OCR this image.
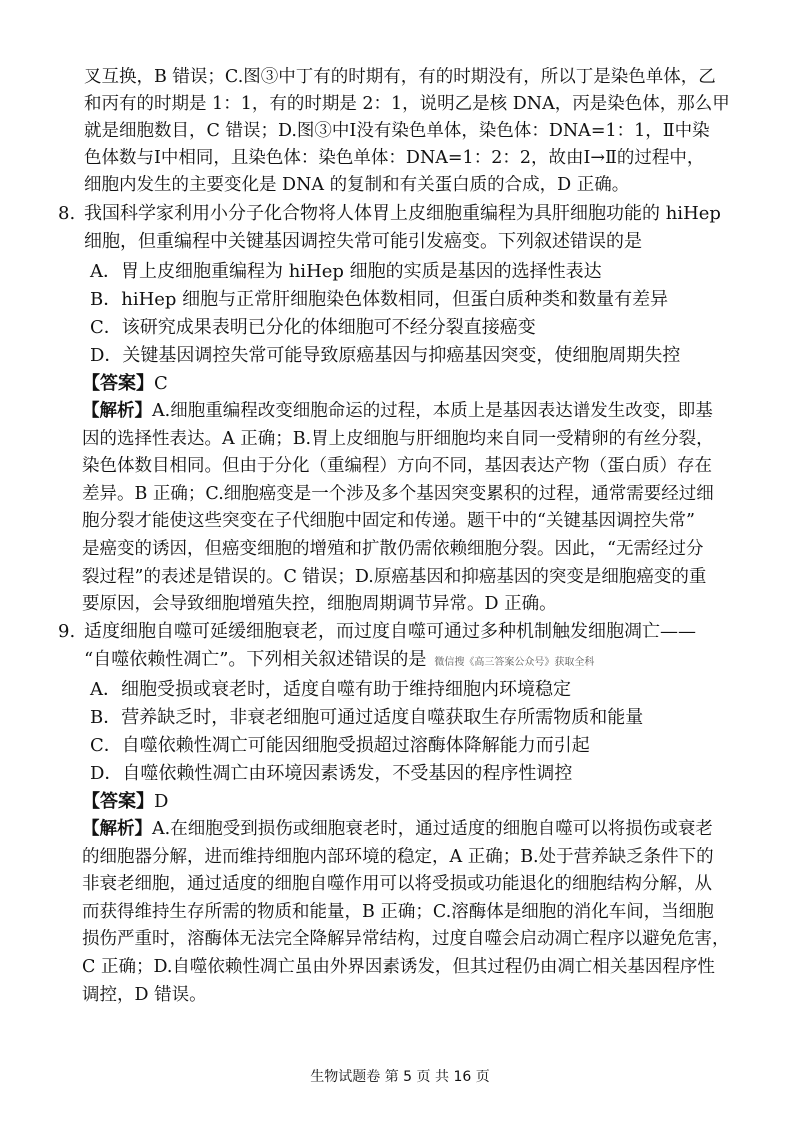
叉互换，B 错误；C.图③中丁有的时期有，有的时期没有，所以丁是染色单体，乙

和丙有的时期是 1：1，有的时期是 2：1，说明乙是核 DNA，丙是染色体，那么甲

就是细胞数目，C 错误；D.图③中Ⅰ没有染色单体，染色体：DNA=1：1，Ⅱ中染

色体数与Ⅰ中相同，且染色体：染色单体：DNA=1：2：2，故由Ⅰ→Ⅱ的过程中，

细胞内发生的主要变化是 DNA 的复制和有关蛋白质的合成，D 正确。

8. 我国科学家利用小分子化合物将人体胃上皮细胞重编程为具肝细胞功能的 hiHep

细胞，但重编程中关键基因调控失常可能引发癌变。下列叙述错误的是

A．胃上皮细胞重编程为 hiHep 细胞的实质是基因的选择性表达

B．hiHep 细胞与正常肝细胞染色体数相同，但蛋白质种类和数量有差异

C．该研究成果表明已分化的体细胞可不经分裂直接癌变

D．关键基因调控失常可能导致原癌基因与抑癌基因突变，使细胞周期失控

【答案】C

【解析】A.细胞重编程改变细胞命运的过程，本质上是基因表达谱发生改变，即基

因的选择性表达。A 正确；B.胃上皮细胞与肝细胞均来自同一受精卵的有丝分裂，

染色体数目相同。但由于分化（重编程）方向不同，基因表达产物（蛋白质）存在

差异。B 正确；C.细胞癌变是一个涉及多个基因突变累积的过程，通常需要经过细

胞分裂才能使这些突变在子代细胞中固定和传递。题干中的“关键基因调控失常”

是癌变的诱因，但癌变细胞的增殖和扩散仍需依赖细胞分裂。因此，“无需经过分

裂过程”的表述是错误的。C 错误；D.原癌基因和抑癌基因的突变是细胞癌变的重

要原因，会导致细胞增殖失控，细胞周期调节异常。D 正确。

9. 适度细胞自噬可延缓细胞衰老，而过度自噬可通过多种机制触发细胞凋亡——

“自噬依赖性凋亡”。下列相关叙述错误的是 微信搜《高三答案公众号》获取全科

A．细胞受损或衰老时，适度自噬有助于维持细胞内环境稳定

B．营养缺乏时，非衰老细胞可通过适度自噬获取生存所需物质和能量

C．自噬依赖性凋亡可能因细胞受损超过溶酶体降解能力而引起

D．自噬依赖性凋亡由环境因素诱发，不受基因的程序性调控

【答案】D

【解析】A.在细胞受到损伤或细胞衰老时，通过适度的细胞自噬可以将损伤或衰老

的细胞器分解，进而维持细胞内部环境的稳定，A 正确；B.处于营养缺乏条件下的

非衰老细胞，通过适度的细胞自噬作用可以将受损或功能退化的细胞结构分解，从

而获得维持生存所需的物质和能量，B 正确；C.溶酶体是细胞的消化车间，当细胞

损伤严重时，溶酶体无法完全降解异常结构，过度自噬会启动凋亡程序以避免危害，

C 正确；D.自噬依赖性凋亡虽由外界因素诱发，但其过程仍由凋亡相关基因程序性

调控，D 错误。

生物试题卷 第 5 页 共 16 页
